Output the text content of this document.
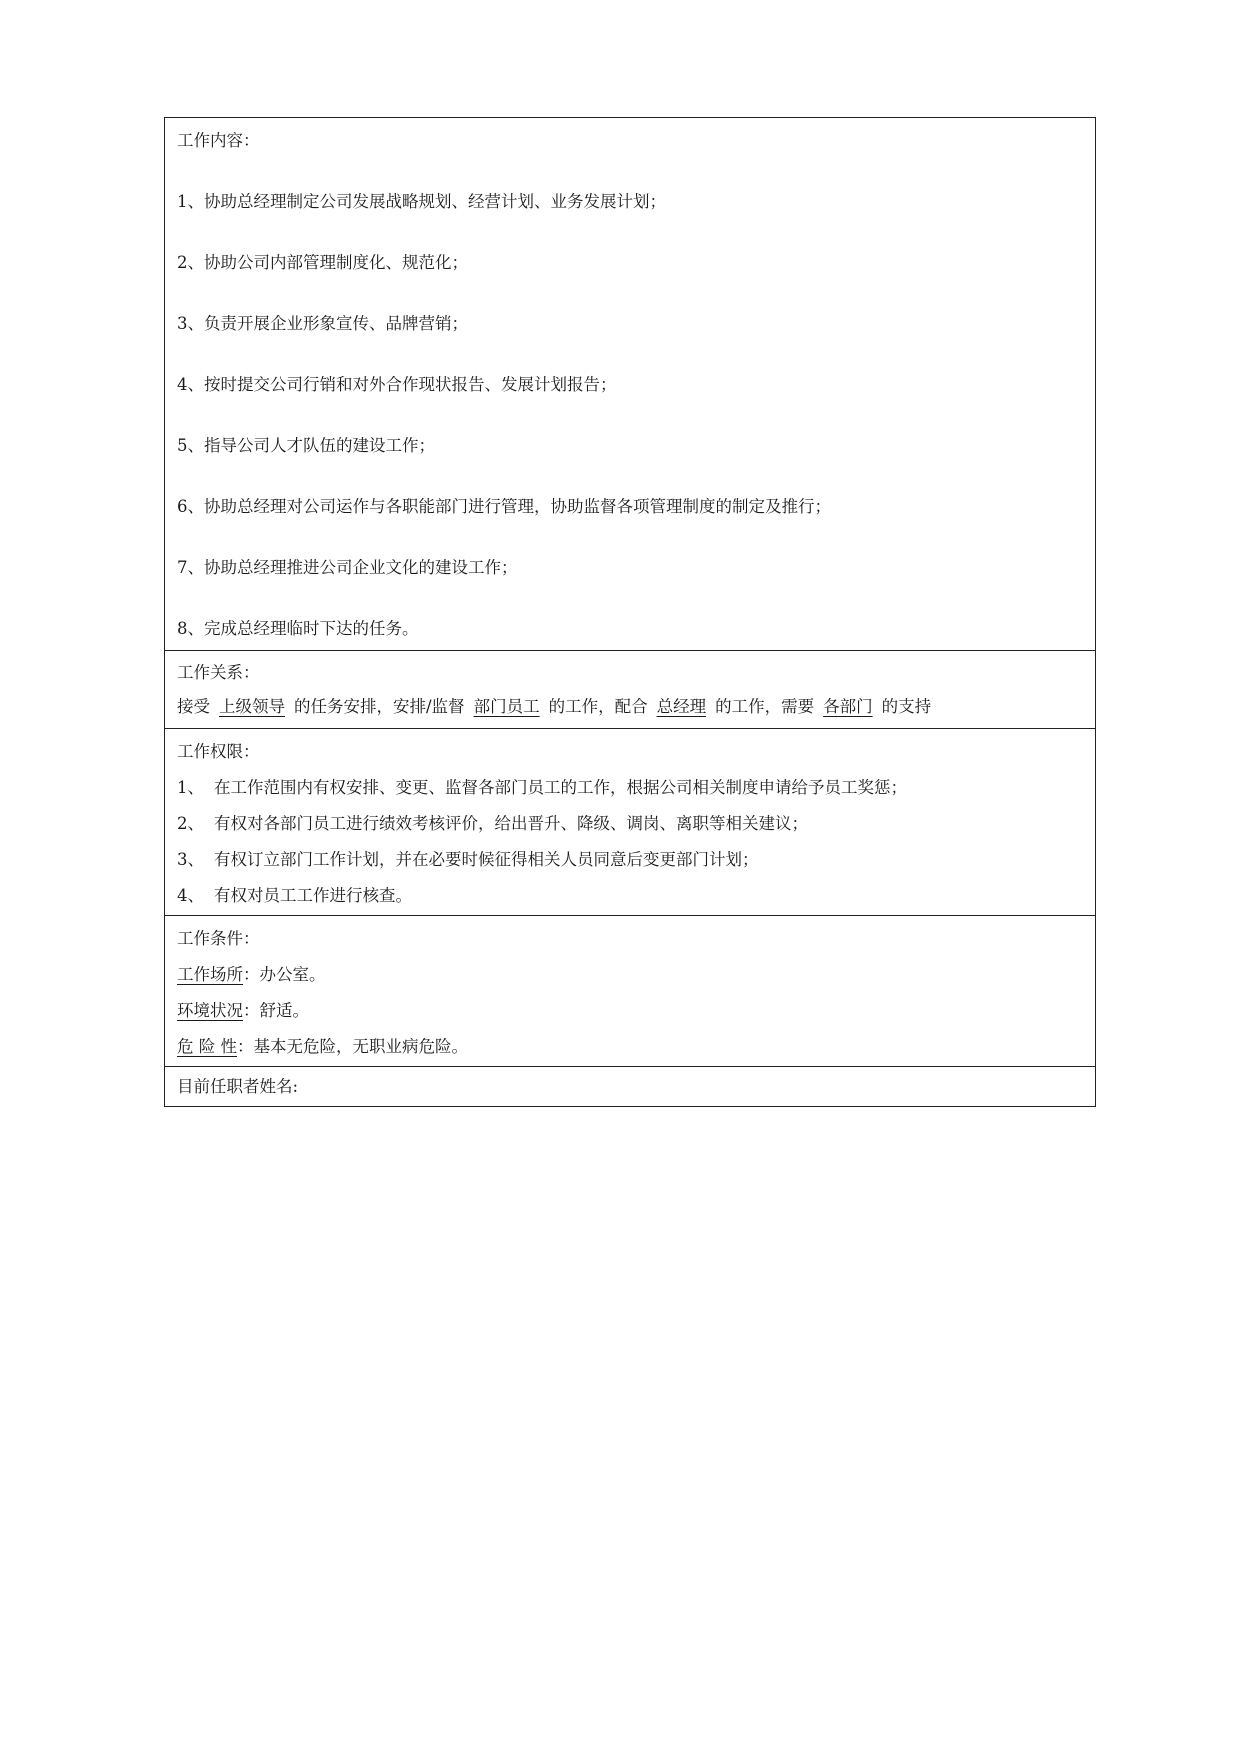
工作内容：
1、协助总经理制定公司发展战略规划、经营计划、业务发展计划；
2、协助公司内部管理制度化、规范化；
3、负责开展企业形象宣传、品牌营销；
4、按时提交公司行销和对外合作现状报告、发展计划报告；
5、指导公司人才队伍的建设工作；
6、协助总经理对公司运作与各职能部门进行管理，协助监督各项管理制度的制定及推行；
7、协助总经理推进公司企业文化的建设工作；
8、完成总经理临时下达的任务。
工作关系：
接受 上级领导 的任务安排，安排/监督 部门员工 的工作，配合 总经理 的工作，需要 各部门 的支持
工作权限：
1、 在工作范围内有权安排、变更、监督各部门员工的工作，根据公司相关制度申请给予员工奖惩；
2、 有权对各部门员工进行绩效考核评价，给出晋升、降级、调岗、离职等相关建议；
3、 有权订立部门工作计划，并在必要时候征得相关人员同意后变更部门计划；
4、 有权对员工工作进行核查。
工作条件：
工作场所：办公室。
环境状况：舒适。
危 险 性：基本无危险，无职业病危险。
目前任职者姓名:
